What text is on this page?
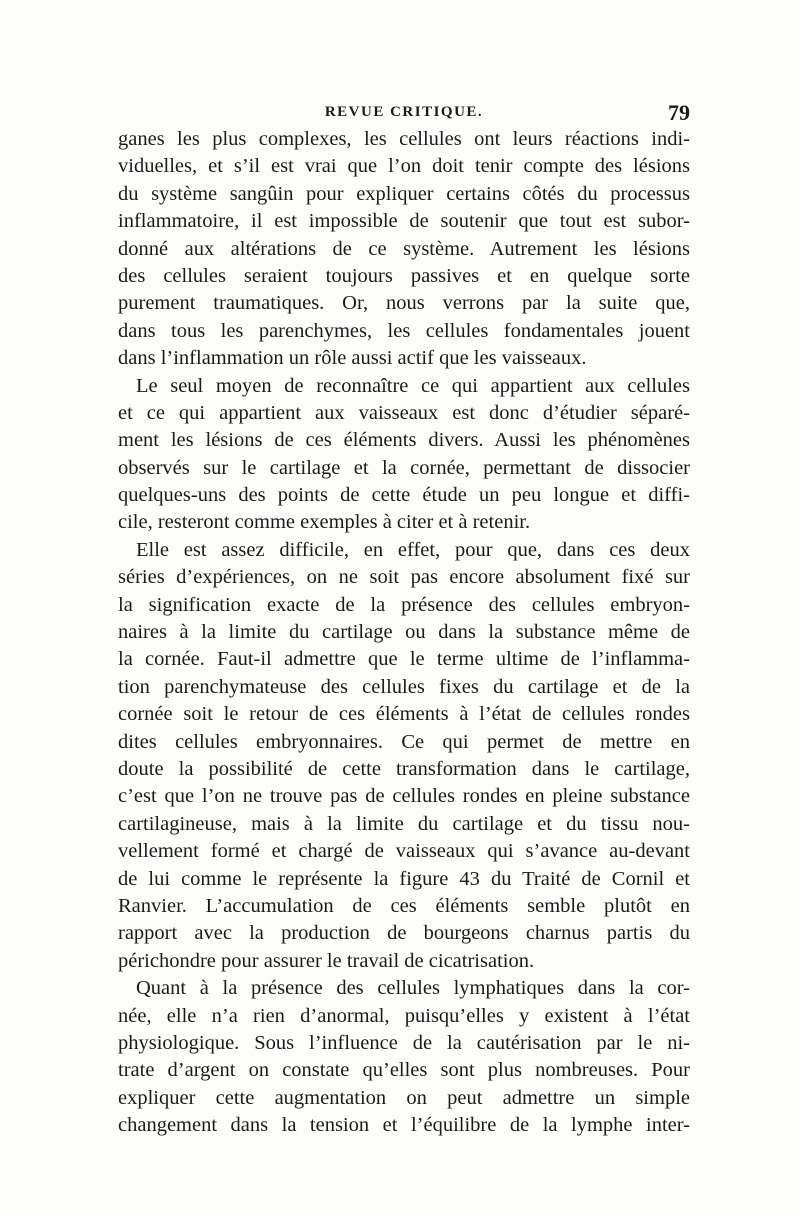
REVUE CRITIQUE.	79
ganes les plus complexes, les cellules ont leurs réactions indi-
viduelles, et s’il est vrai que l’on doit tenir compte des lésions
du système sangûin pour expliquer certains côtés du processus
inflammatoire, il est impossible de soutenir que tout est subor-
donné aux altérations de ce système. Autrement les lésions
des cellules seraient toujours passives et en quelque sorte
purement traumatiques. Or, nous verrons par la suite que,
dans tous les parenchymes, les cellules fondamentales jouent
dans l’inflammation un rôle aussi actif que les vaisseaux.
Le seul moyen de reconnaître ce qui appartient aux cellules
et ce qui appartient aux vaisseaux est donc d’étudier séparé-
ment les lésions de ces éléments divers. Aussi les phénomènes
observés sur le cartilage et la cornée, permettant de dissocier
quelques-uns des points de cette étude un peu longue et diffi-
cile, resteront comme exemples à citer et à retenir.
Elle est assez difficile, en effet, pour que, dans ces deux
séries d’expériences, on ne soit pas encore absolument fixé sur
la signification exacte de la présence des cellules embryon-
naires à la limite du cartilage ou dans la substance même de
la cornée. Faut-il admettre que le terme ultime de l’inflamma-
tion parenchymateuse des cellules fixes du cartilage et de la
cornée soit le retour de ces éléments à l’état de cellules rondes
dites cellules embryonnaires. Ce qui permet de mettre en
doute la possibilité de cette transformation dans le cartilage,
c’est que l’on ne trouve pas de cellules rondes en pleine substance
cartilagineuse, mais à la limite du cartilage et du tissu nou-
vellement formé et chargé de vaisseaux qui s’avance au-devant
de lui comme le représente la figure 43 du Traité de Cornil et
Ranvier. L’accumulation de ces éléments semble plutôt en
rapport avec la production de bourgeons charnus partis du
périchondre pour assurer le travail de cicatrisation.
Quant à la présence des cellules lymphatiques dans la cor-
née, elle n’a rien d’anormal, puisqu’elles y existent à l’état
physiologique. Sous l’influence de la cautérisation par le ni-
trate d’argent on constate qu’elles sont plus nombreuses. Pour
expliquer cette augmentation on peut admettre un simple
changement dans la tension et l’équilibre de la lymphe inter-
